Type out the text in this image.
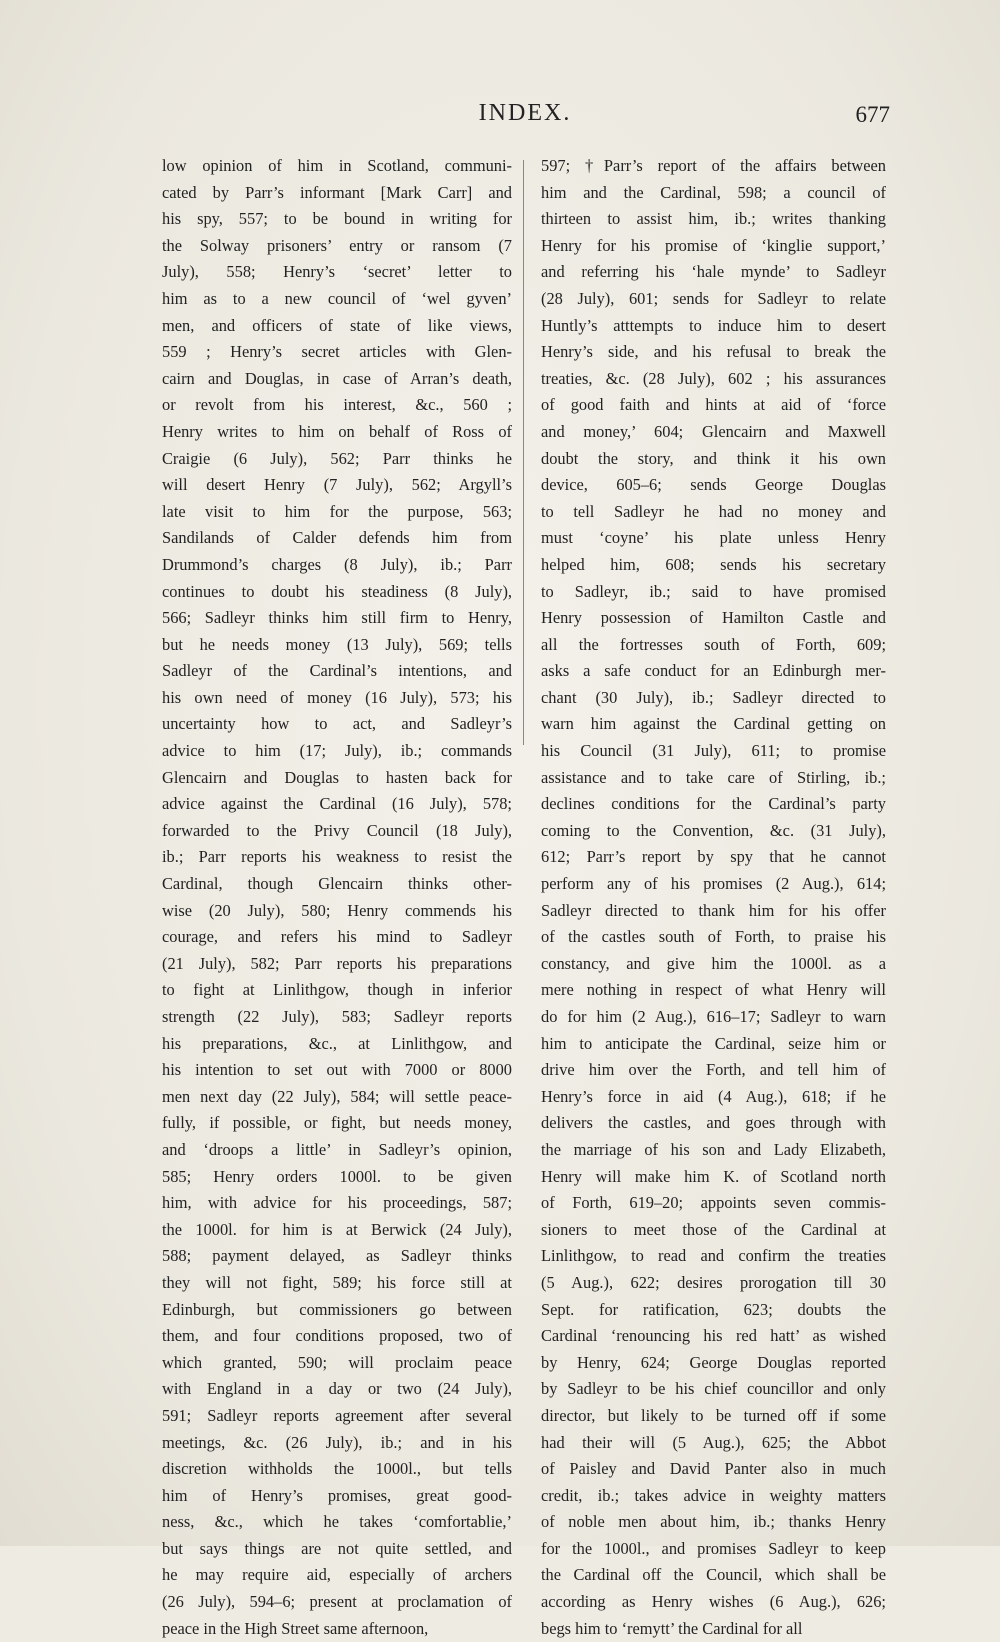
INDEX.	677
low opinion of him in Scotland, communi-
cated by Parr’s informant [Mark Carr] and
his spy, 557; to be bound in writing for
the Solway prisoners’ entry or ransom (7
July), 558; Henry’s ‘secret’ letter to
him as to a new council of ‘wel gyven’
men, and officers of state of like views,
559 ; Henry’s secret articles with Glen-
cairn and Douglas, in case of Arran’s death,
or revolt from his interest, &c., 560 ;
Henry writes to him on behalf of Ross of
Craigie (6 July), 562; Parr thinks he
will desert Henry (7 July), 562; Argyll’s
late visit to him for the purpose, 563;
Sandilands of Calder defends him from
Drummond’s charges (8 July), ib.; Parr
continues to doubt his steadiness (8 July),
566; Sadleyr thinks him still firm to Henry,
but he needs money (13 July), 569; tells
Sadleyr of the Cardinal’s intentions, and
his own need of money (16 July), 573; his
uncertainty how to act, and Sadleyr’s
advice to him (17; July), ib.; commands
Glencairn and Douglas to hasten back for
advice against the Cardinal (16 July), 578;
forwarded to the Privy Council (18 July),
ib.; Parr reports his weakness to resist the
Cardinal, though Glencairn thinks other-
wise (20 July), 580; Henry commends his
courage, and refers his mind to Sadleyr
(21 July), 582; Parr reports his preparations
to fight at Linlithgow, though in inferior
strength (22 July), 583; Sadleyr reports
his preparations, &c., at Linlithgow, and
his intention to set out with 7000 or 8000
men next day (22 July), 584; will settle peace-
fully, if possible, or fight, but needs money,
and ‘droops a little’ in Sadleyr’s opinion,
585; Henry orders 1000l. to be given
him, with advice for his proceedings, 587;
the 1000l. for him is at Berwick (24 July),
588; payment delayed, as Sadleyr thinks
they will not fight, 589; his force still at
Edinburgh, but commissioners go between
them, and four conditions proposed, two of
which granted, 590; will proclaim peace
with England in a day or two (24 July),
591; Sadleyr reports agreement after several
meetings, &c. (26 July), ib.; and in his
discretion withholds the 1000l., but tells
him of Henry’s promises, great good-
ness, &c., which he takes ‘comfortablie,’
but says things are not quite settled, and
he may require aid, especially of archers
(26 July), 594–6; present at proclamation of
peace in the High Street same afternoon,
597; †Parr’s report of the affairs between
him and the Cardinal, 598; a council of
thirteen to assist him, ib.; writes thanking
Henry for his promise of ‘kinglie support,’
and referring his ‘hale mynde’ to Sadleyr
(28 July), 601; sends for Sadleyr to relate
Huntly’s atttempts to induce him to desert
Henry’s side, and his refusal to break the
treaties, &c. (28 July), 602 ; his assurances
of good faith and hints at aid of ‘force
and money,’ 604; Glencairn and Maxwell
doubt the story, and think it his own
device, 605–6; sends George Douglas
to tell Sadleyr he had no money and
must ‘coyne’ his plate unless Henry
helped him, 608; sends his secretary
to Sadleyr, ib.; said to have promised
Henry possession of Hamilton Castle and
all the fortresses south of Forth, 609;
asks a safe conduct for an Edinburgh mer-
chant (30 July), ib.; Sadleyr directed to
warn him against the Cardinal getting on
his Council (31 July), 611; to promise
assistance and to take care of Stirling, ib.;
declines conditions for the Cardinal’s party
coming to the Convention, &c. (31 July),
612; Parr’s report by spy that he cannot
perform any of his promises (2 Aug.), 614;
Sadleyr directed to thank him for his offer
of the castles south of Forth, to praise his
constancy, and give him the 1000l. as a
mere nothing in respect of what Henry will
do for him (2 Aug.), 616–17; Sadleyr to warn
him to anticipate the Cardinal, seize him or
drive him over the Forth, and tell him of
Henry’s force in aid (4 Aug.), 618; if he
delivers the castles, and goes through with
the marriage of his son and Lady Elizabeth,
Henry will make him K. of Scotland north
of Forth, 619–20; appoints seven commis-
sioners to meet those of the Cardinal at
Linlithgow, to read and confirm the treaties
(5 Aug.), 622; desires prorogation till 30
Sept. for ratification, 623; doubts the
Cardinal ‘renouncing his red hatt’ as wished
by Henry, 624; George Douglas reported
by Sadleyr to be his chief councillor and only
director, but likely to be turned off if some
had their will (5 Aug.), 625; the Abbot
of Paisley and David Panter also in much
credit, ib.; takes advice in weighty matters
of noble men about him, ib.; thanks Henry
for the 1000l., and promises Sadleyr to keep
the Cardinal off the Council, which shall be
according as Henry wishes (6 Aug.), 626;
begs him to ‘remytt’ the Cardinal for all
